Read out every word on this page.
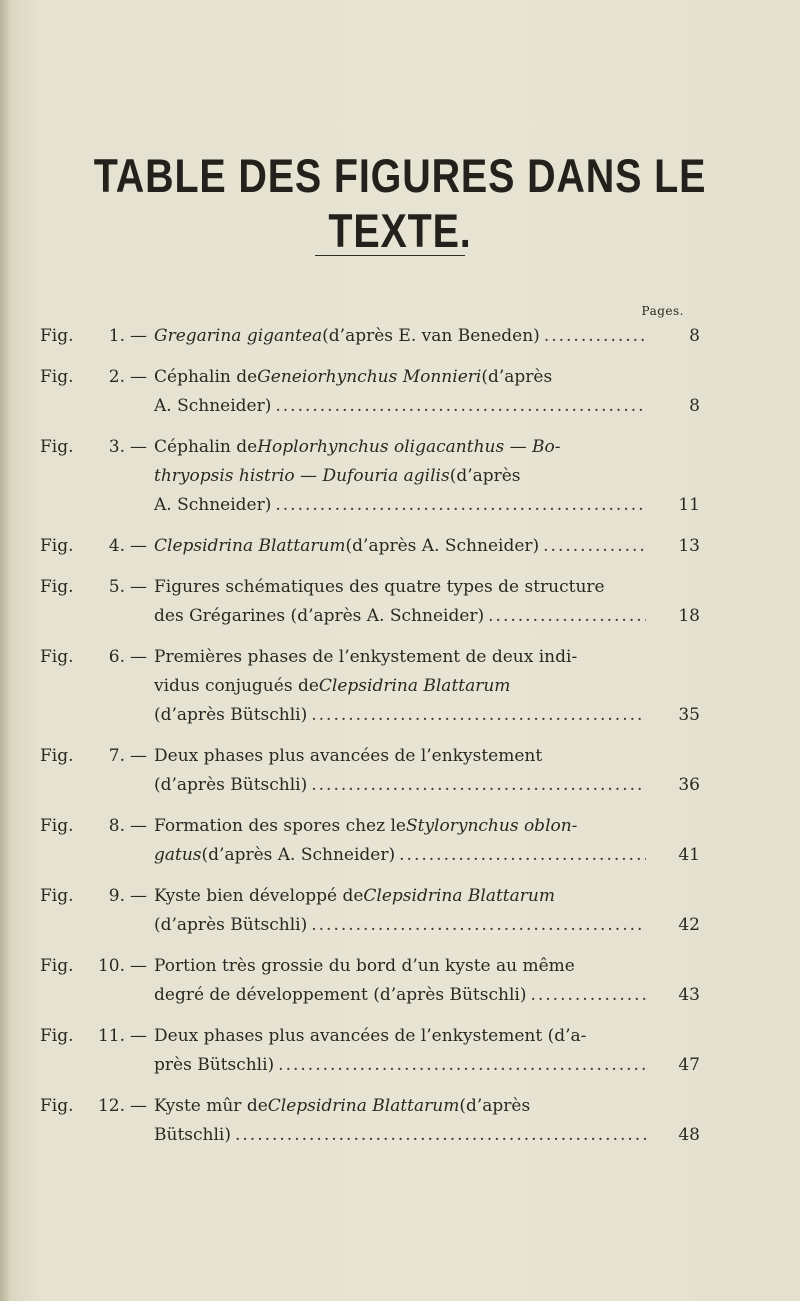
TABLE DES FIGURES DANS LE TEXTE.
Pages.
Fig.	1. — Gregarina gigantea (d’après E. van Beneden) .....	8
Fig.	2. — Céphalin de Geneiorhynchus Monnieri (d’après
A. Schneider) .....	8
Fig.	3. — Céphalin de Hoplorhynchus oligacanthus — Bo-
thryopsis histrio — Dufouria agilis (d’après
A. Schneider) .....	11
Fig.	4. — Clepsidrina Blattarum (d’après A. Schneider) .....	13
Fig.	5. — Figures schématiques des quatre types de structure
des Grégarines (d’après A. Schneider) .....	18
Fig.	6. — Premières phases de l’enkystement de deux indi-
vidus conjugués de Clepsidrina Blattarum
(d’après Bütschli) .....	35
Fig.	7. — Deux phases plus avancées de l’enkystement
(d’après Bütschli) .....	36
Fig.	8. — Formation des spores chez le Stylorynchus oblon-
gatus (d’après A. Schneider) .....	41
Fig.	9. — Kyste bien développé de Clepsidrina Blattarum
(d’après Bütschli) .....	42
Fig.	10. — Portion très grossie du bord d’un kyste au même
degré de développement (d’après Bütschli) .....	43
Fig.	11. — Deux phases plus avancées de l’enkystement (d’a-
près Bütschli) .....	47
Fig.	12. — Kyste mûr de Clepsidrina Blattarum (d’après
Bütschli) .....	48
